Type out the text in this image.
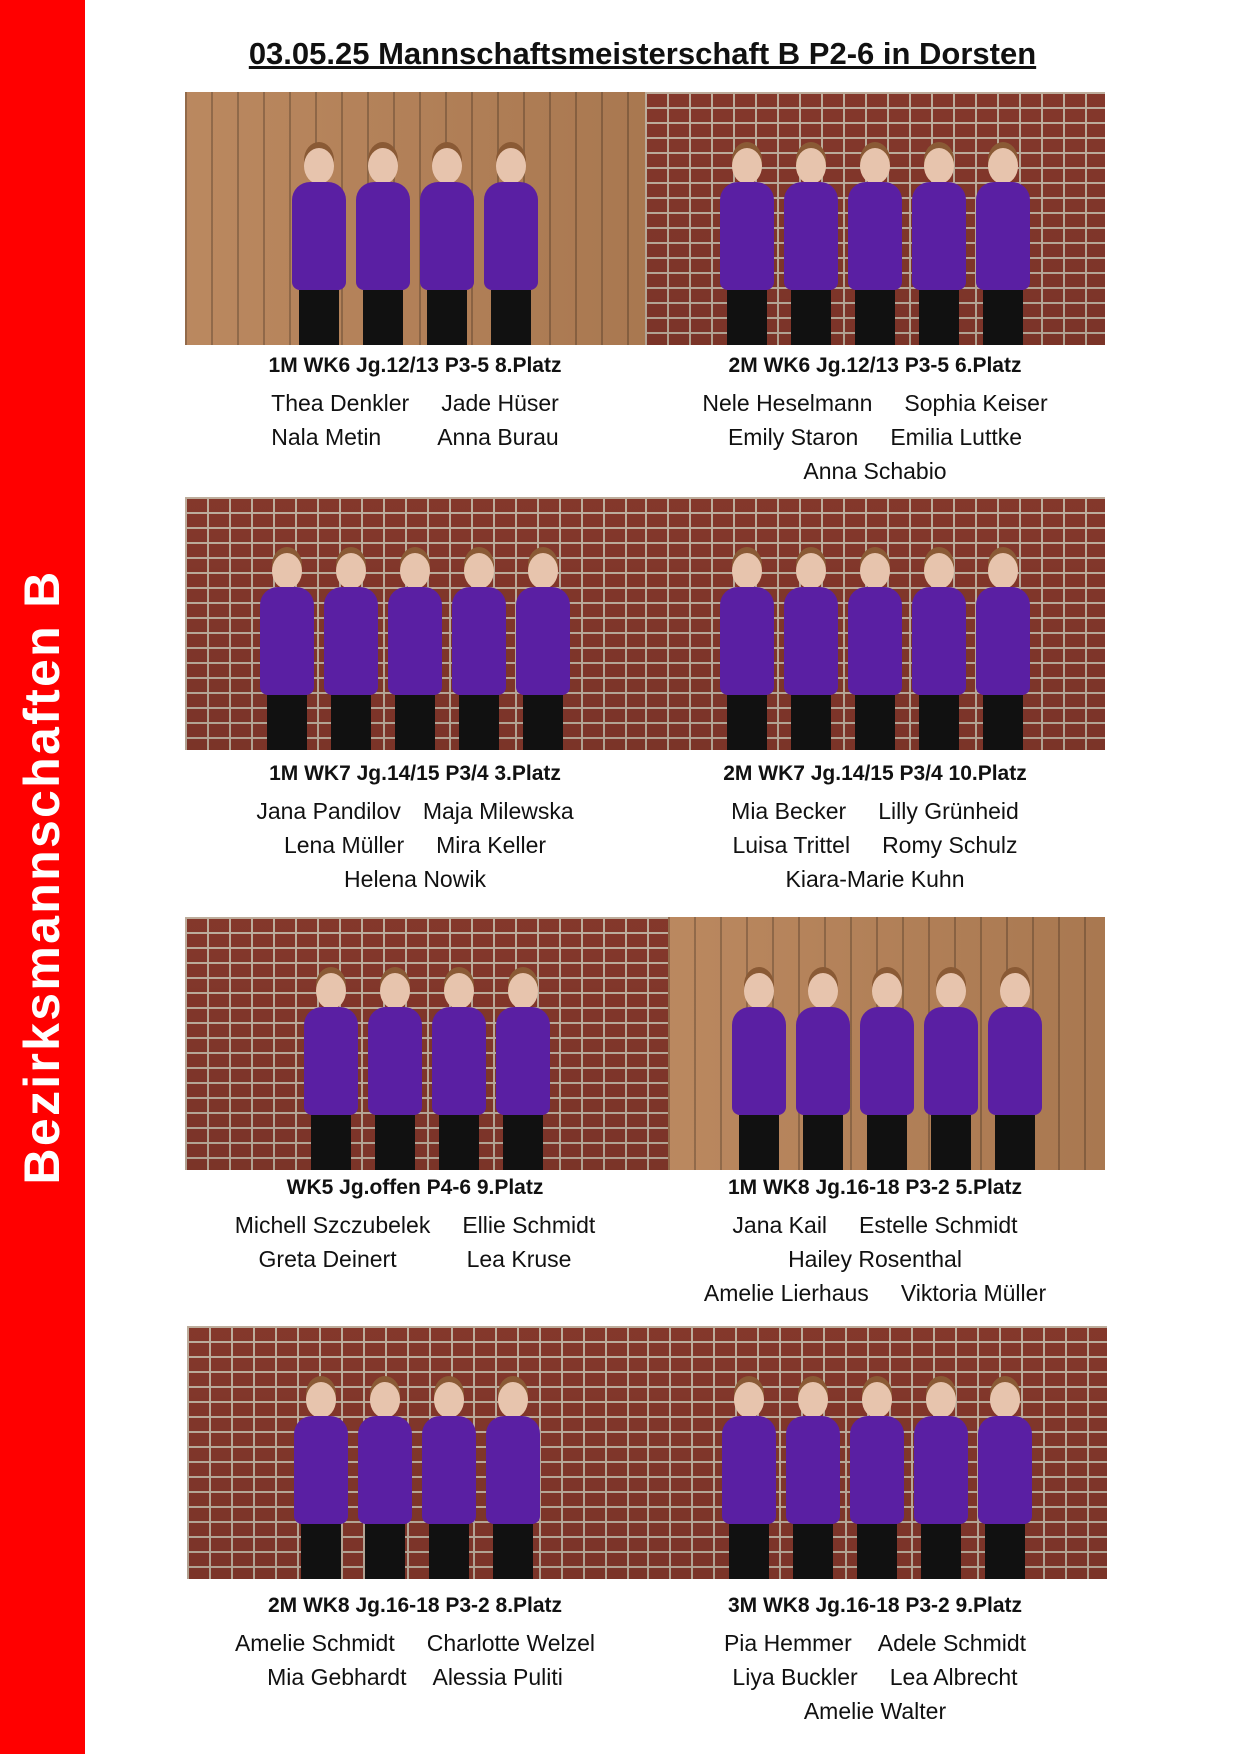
Bezirksmannschaften B
03.05.25 Mannschaftsmeisterschaft B P2-6 in Dorsten
1M WK6 Jg.12/13 P3-5 8.Platz
Thea Denkler Jade Hüser
Nala Metin Anna Burau
2M WK6 Jg.12/13 P3-5 6.Platz
Nele Heselmann Sophia Keiser
Emily Staron Emilia Luttke
Anna Schabio
1M WK7 Jg.14/15 P3/4 3.Platz
Jana Pandilov Maja Milewska
Lena Müller Mira Keller
Helena Nowik
2M WK7 Jg.14/15 P3/4 10.Platz
Mia Becker Lilly Grünheid
Luisa Trittel Romy Schulz
Kiara-Marie Kuhn
WK5 Jg.offen P4-6 9.Platz
Michell Szczubelek Ellie Schmidt
Greta Deinert	Lea Kruse
1M WK8 Jg.16-18 P3-2 5.Platz
Jana Kail Estelle Schmidt
Hailey Rosenthal
Amelie Lierhaus Viktoria Müller
2M WK8 Jg.16-18 P3-2 8.Platz
Amelie Schmidt Charlotte Welzel
Mia Gebhardt Alessia Puliti
3M WK8 Jg.16-18 P3-2 9.Platz
Pia Hemmer Adele Schmidt
Liya Buckler Lea Albrecht
Amelie Walter
